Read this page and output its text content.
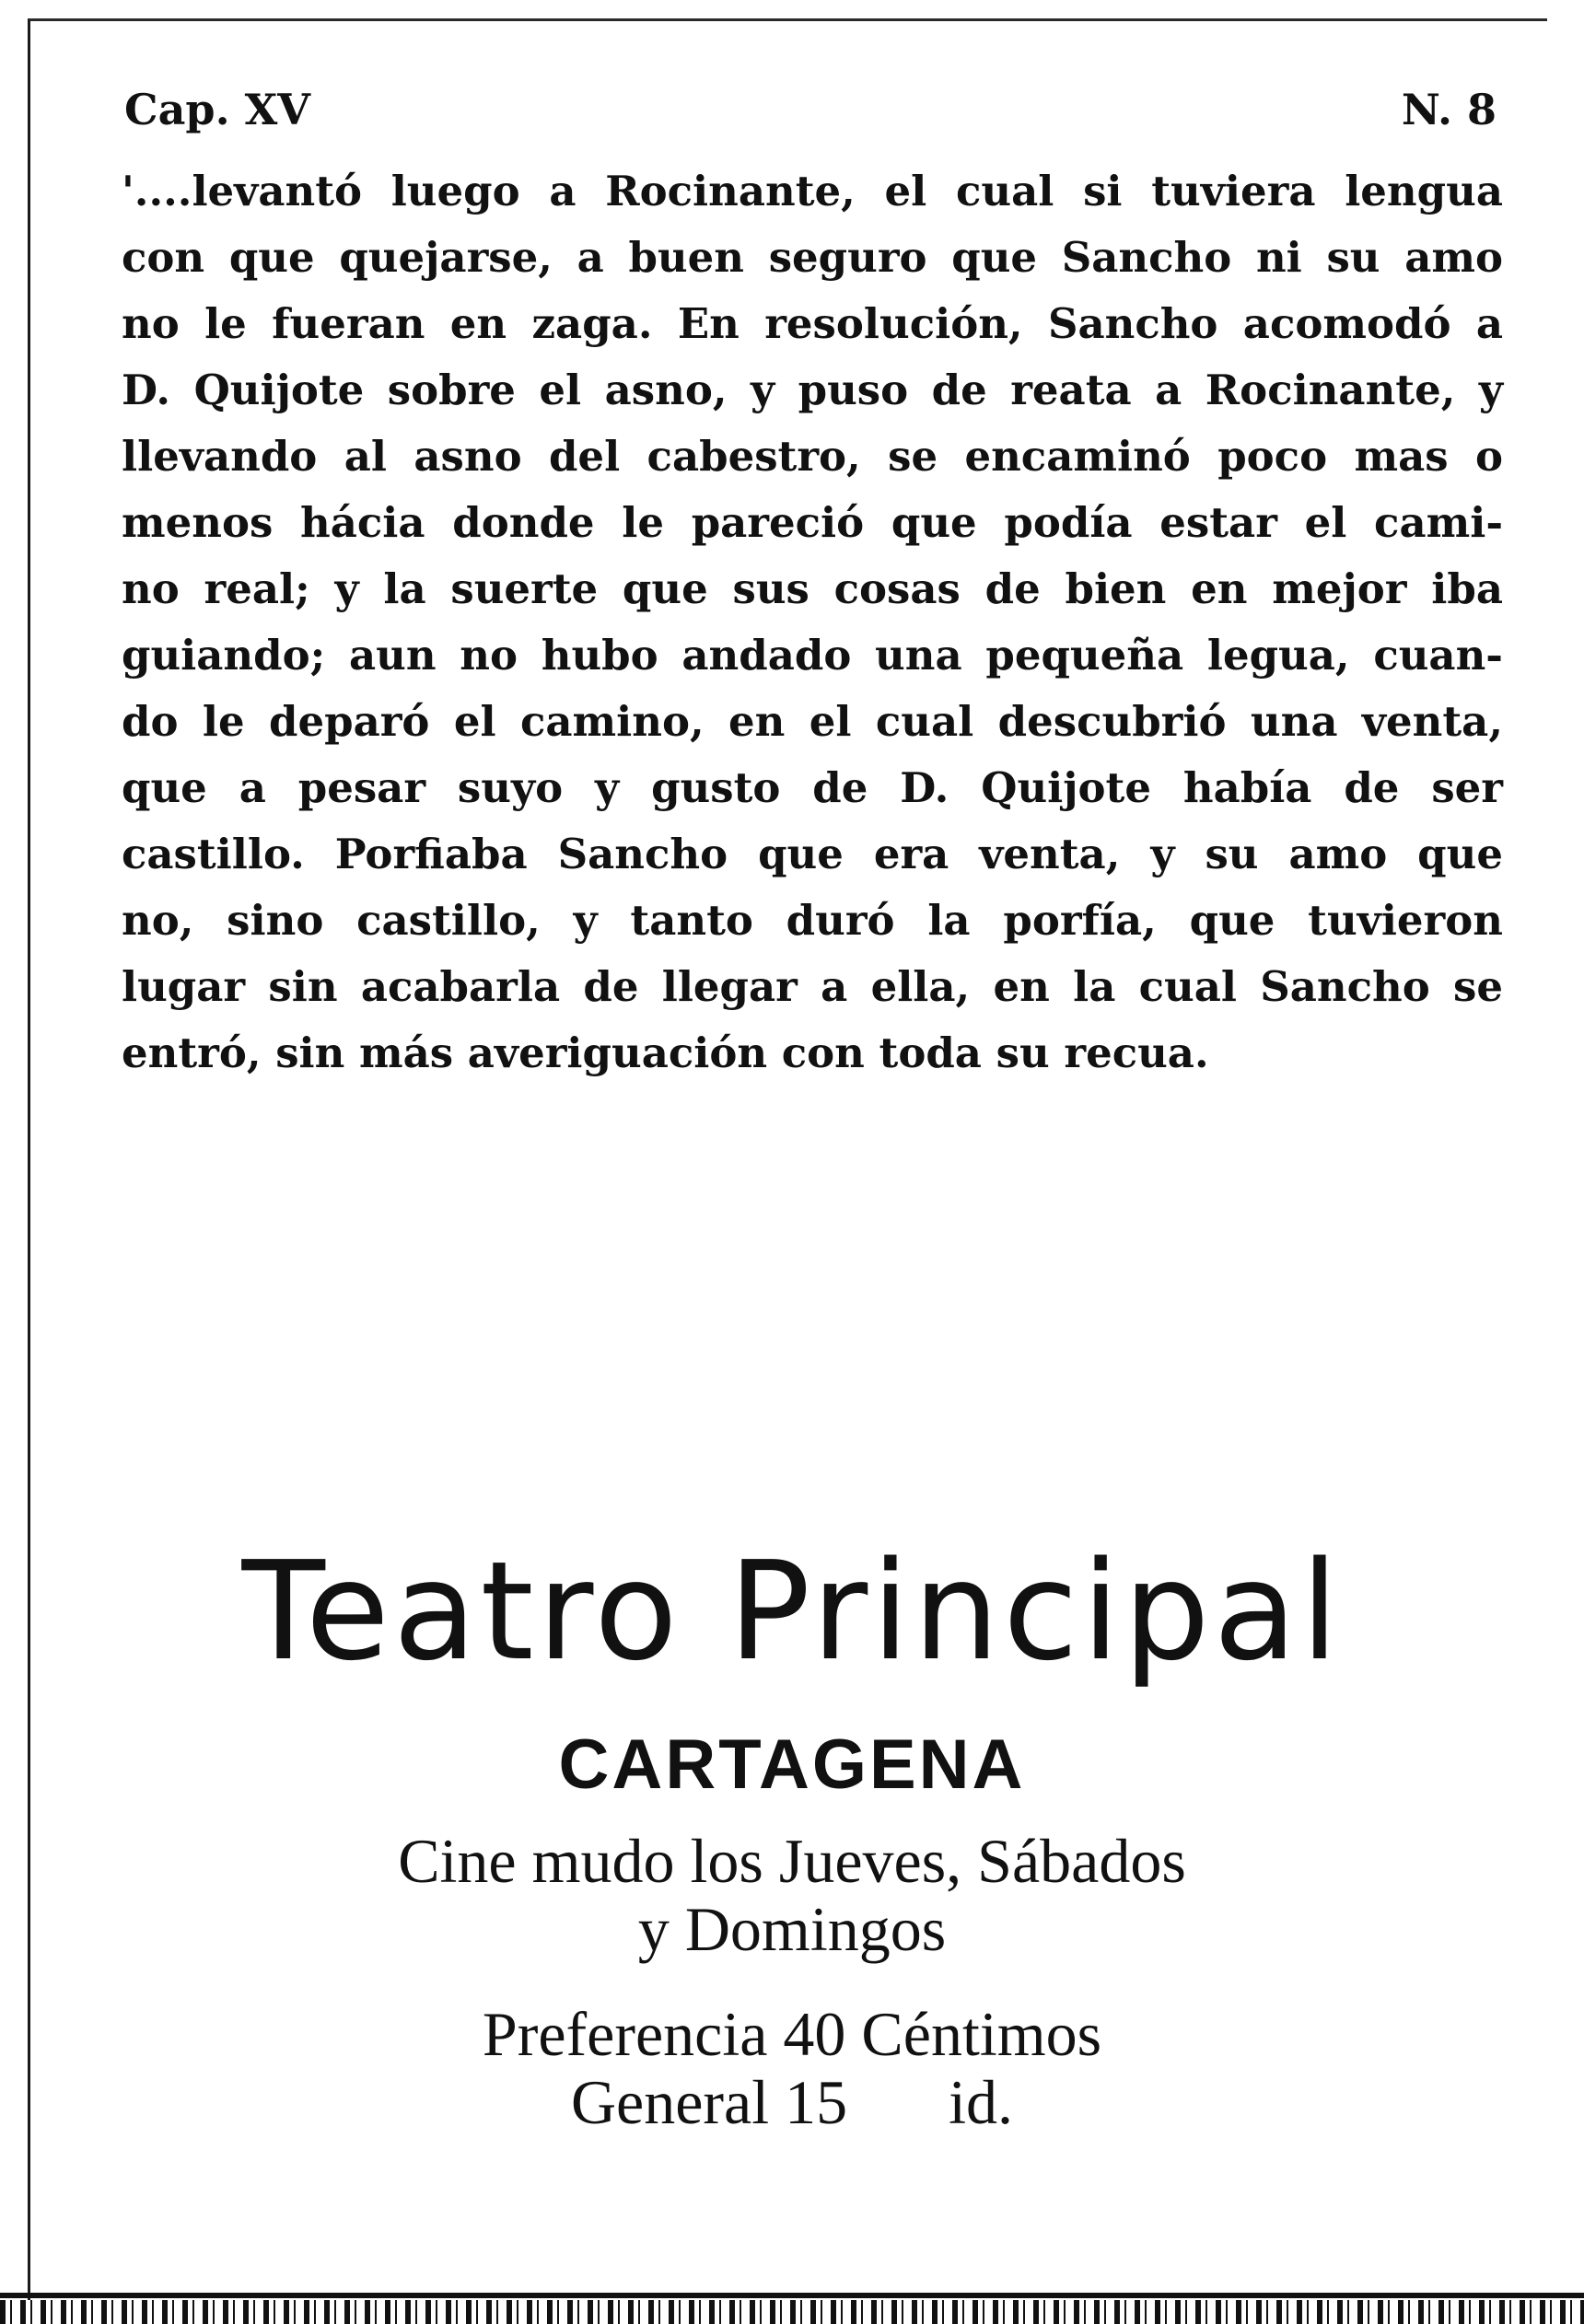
Cap. XV	N. 8
'....levantó luego a Rocinante, el cual si tuviera lengua
con que quejarse, a buen seguro que Sancho ni su amo
no le fueran en zaga. En resolución, Sancho acomodó a
D. Quijote sobre el asno, y puso de reata a Rocinante, y
llevando al asno del cabestro, se encaminó poco mas o
menos hácia donde le pareció que podía estar el cami-
no real; y la suerte que sus cosas de bien en mejor iba
guiando; aun no hubo andado una pequeña legua, cuan-
do le deparó el camino, en el cual descubrió una venta,
que a pesar suyo y gusto de D. Quijote había de ser
castillo. Porfiaba Sancho que era venta, y su amo que
no, sino castillo, y tanto duró la porfía, que tuvieron
lugar sin acabarla de llegar a ella, en la cual Sancho se
entró, sin más averiguación con toda su recua.
Teatro Principal
CARTAGENA
Cine mudo los Jueves, Sábados
y Domingos
Preferencia 40 Céntimos
General 15 id.
